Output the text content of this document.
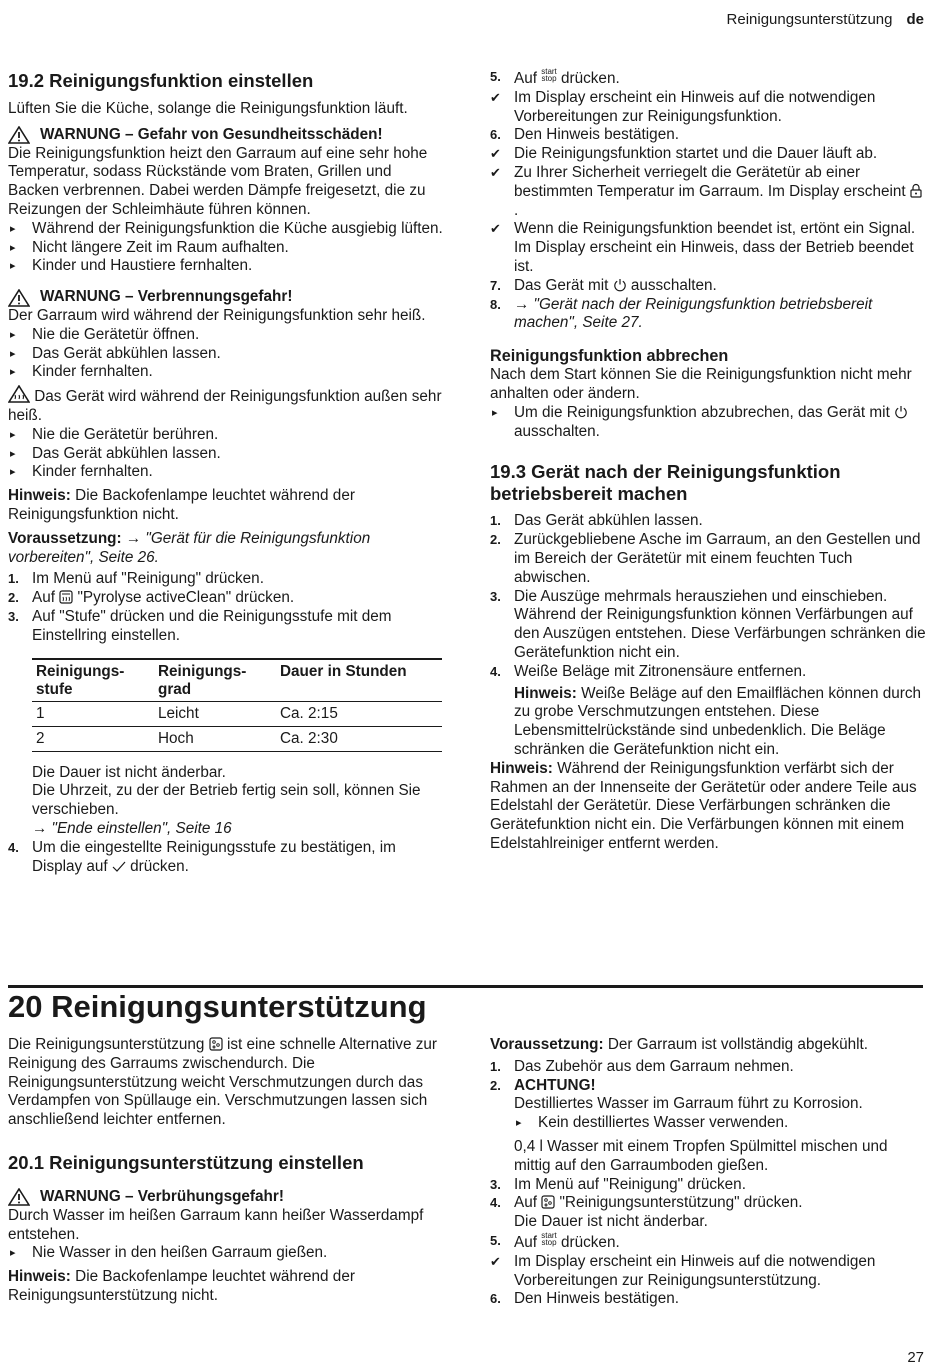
Reinigungsunterstützung de

19.2 Reinigungsfunktion einstellen

Lüften Sie die Küche, solange die Reinigungsfunktion läuft.

WARNUNG – Gefahr von Gesundheitsschäden!

Die Reinigungsfunktion heizt den Garraum auf eine sehr hohe Temperatur, sodass Rückstände vom Braten, Grillen und Backen verbrennen. Dabei werden Dämpfe freigesetzt, die zu Reizungen der Schleimhäute führen können.

▸	Während der Reinigungsfunktion die Küche ausgiebig lüften.
▸	Nicht längere Zeit im Raum aufhalten.
▸	Kinder und Haustiere fernhalten.
WARNUNG – Verbrennungsgefahr!

Der Garraum wird während der Reinigungsfunktion sehr heiß.

▸	Nie die Gerätetür öffnen.
▸	Das Gerät abkühlen lassen.
▸	Kinder fernhalten.

Das Gerät wird während der Reinigungsfunktion außen sehr heiß.

▸	Nie die Gerätetür berühren.
▸	Das Gerät abkühlen lassen.
▸	Kinder fernhalten.

Hinweis: Die Backofenlampe leuchtet während der Reinigungsfunktion nicht.

Voraussetzung: → "Gerät für die Reinigungsfunktion vorbereiten", Seite 26.

1. Im Menü auf "Reinigung" drücken.
2. Auf "Pyrolyse activeClean" drücken.
3. Auf "Stufe" drücken und die Reinigungsstufe mit dem Einstellring einstellen.
Reinigungs-stufe	Reinigungs-grad	Dauer in Stunden
1	Leicht	Ca. 2:15
2	Hoch	Ca. 2:30

Die Dauer ist nicht änderbar.

Die Uhrzeit, zu der der Betrieb fertig sein soll, können Sie verschieben.

→ "Ende einstellen", Seite 16

4. Um die eingestellte Reinigungsstufe zu bestätigen, im Display auf drücken.
5. Auf start
stop drücken.
✔ Im Display erscheint ein Hinweis auf die notwendigen Vorbereitungen zur Reinigungsfunktion.
6. Den Hinweis bestätigen.
✔ Die Reinigungsfunktion startet und die Dauer läuft ab.
✔ Zu Ihrer Sicherheit verriegelt die Gerätetür ab einer bestimmten Temperatur im Garraum. Im Display erscheint .
✔ Wenn die Reinigungsfunktion beendet ist, ertönt ein Signal. Im Display erscheint ein Hinweis, dass der Betrieb beendet ist.
7. Das Gerät mit ausschalten.
8. → "Gerät nach der Reinigungsfunktion betriebsbereit machen", Seite 27.

Reinigungsfunktion abbrechen

Nach dem Start können Sie die Reinigungsfunktion nicht mehr anhalten oder ändern.

▸	Um die Reinigungsfunktion abzubrechen, das Gerät mit  ausschalten.

19.3 Gerät nach der Reinigungsfunktion betriebsbereit machen

1. Das Gerät abkühlen lassen.
2. Zurückgebliebene Asche im Garraum, an den Gestellen und im Bereich der Gerätetür mit einem feuchten Tuch abwischen.
3. Die Auszüge mehrmals herausziehen und einschieben.
Während der Reinigungsfunktion können Verfärbungen auf den Auszügen entstehen. Diese Verfärbungen schränken die Gerätefunktion nicht ein.
4. Weiße Beläge mit Zitronensäure entfernen.

Hinweis: Weiße Beläge auf den Emailflächen können durch zu grobe Verschmutzungen entstehen. Diese Lebensmittelrückstände sind unbedenklich. Die Beläge schränken die Gerätefunktion nicht ein.

Hinweis: Während der Reinigungsfunktion verfärbt sich der Rahmen an der Innenseite der Gerätetür oder andere Teile aus Edelstahl der Gerätetür. Diese Verfärbungen schränken die Gerätefunktion nicht ein. Die Verfärbungen können mit einem Edelstahlreiniger entfernt werden.

20 Reinigungsunterstützung

Die Reinigungsunterstützung ist eine schnelle Alternative zur Reinigung des Garraums zwischendurch. Die Reinigungsunterstützung weicht Verschmutzungen durch das Verdampfen von Spüllauge ein. Verschmutzungen lassen sich anschließend leichter entfernen.

20.1 Reinigungsunterstützung einstellen

WARNUNG – Verbrühungsgefahr!

Durch Wasser im heißen Garraum kann heißer Wasserdampf entstehen.

▸	Nie Wasser in den heißen Garraum gießen.

Hinweis: Die Backofenlampe leuchtet während der Reinigungsunterstützung nicht.

Voraussetzung: Der Garraum ist vollständig abgekühlt.

1. Das Zubehör aus dem Garraum nehmen.
2. ACHTUNG!
Destilliertes Wasser im Garraum führt zu Korrosion.
▸	Kein destilliertes Wasser verwenden.

0,4 l Wasser mit einem Tropfen Spülmittel mischen und mittig auf den Garraumboden gießen.

3. Im Menü auf "Reinigung" drücken.
4. Auf "Reinigungsunterstützung" drücken.
Die Dauer ist nicht änderbar.
5. Auf start
stop drücken.
✔ Im Display erscheint ein Hinweis auf die notwendigen Vorbereitungen zur Reinigungsunterstützung.
6. Den Hinweis bestätigen.
27
